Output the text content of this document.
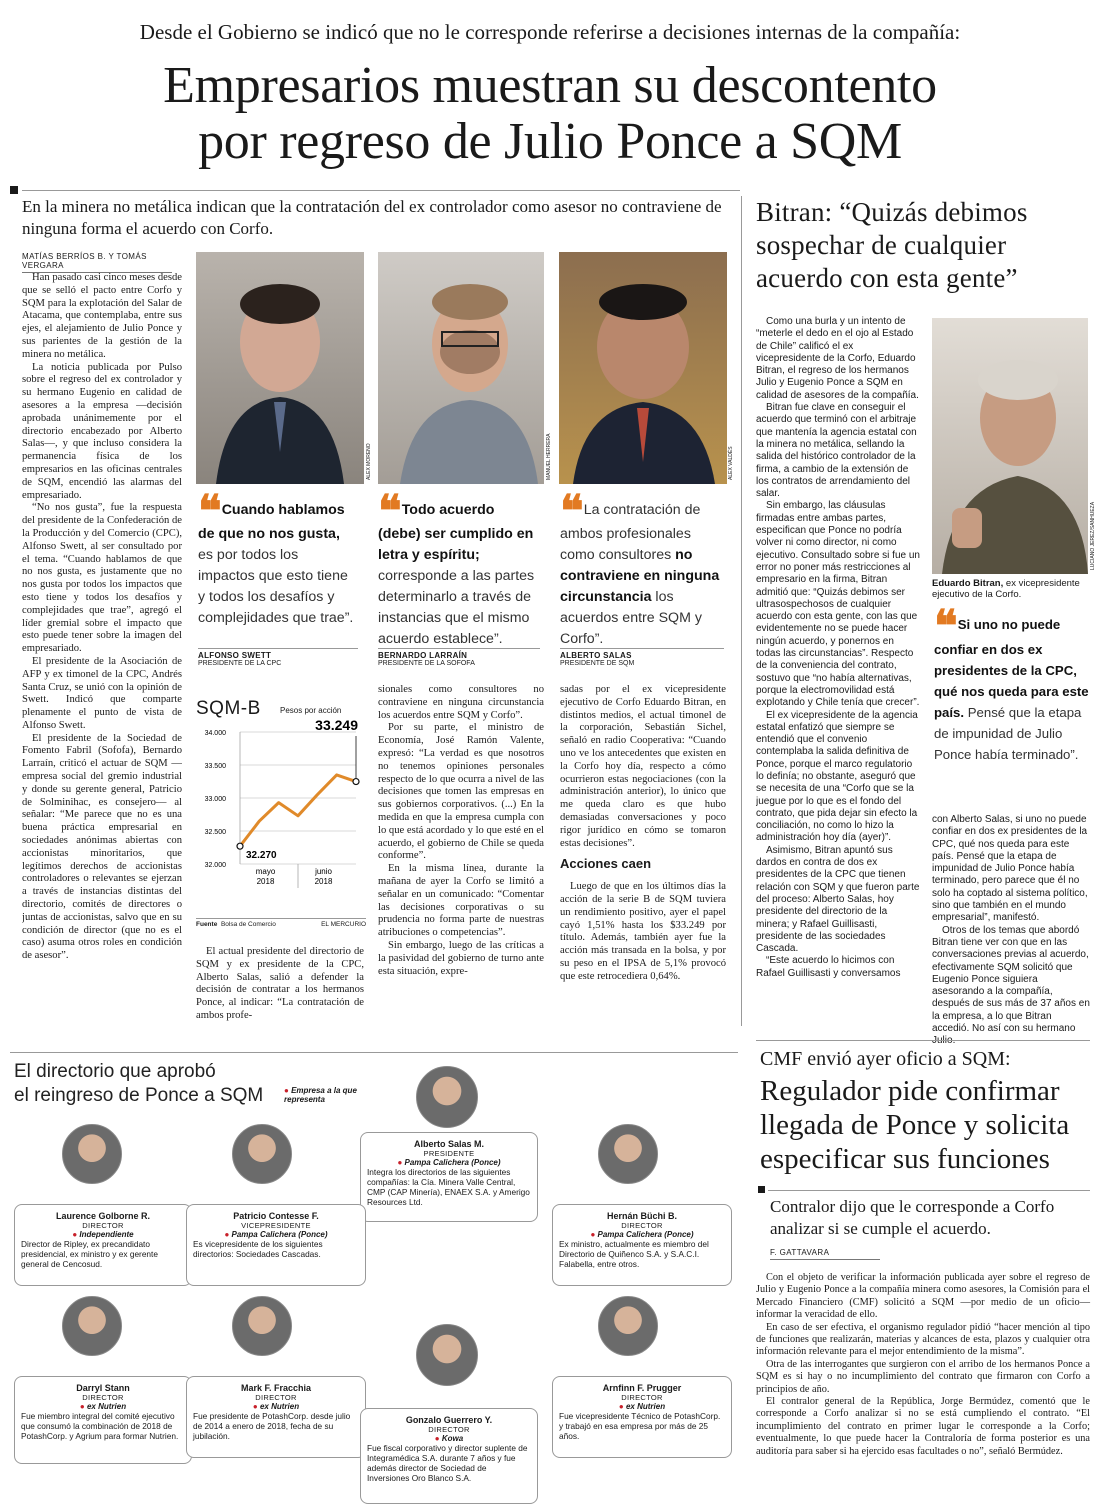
Desde el Gobierno se indicó que no le corresponde referirse a decisiones internas de la compañía:
Empresarios muestran su descontento
por regreso de Julio Ponce a SQM
En la minera no metálica indican que la contratación del ex controlador como asesor no contraviene de ninguna forma el acuerdo con Corfo.
MATÍAS BERRÍOS B. Y TOMÁS VERGARA

Han pasado casi cinco meses desde que se selló el pacto entre Corfo y SQM para la explotación del Salar de Atacama, que contemplaba, entre sus ejes, el alejamiento de Julio Ponce y sus parientes de la gestión de la minera no metálica.

La noticia publicada por Pulso sobre el regreso del ex controlador y su hermano Eugenio en calidad de asesores a la empresa —decisión aprobada unánimemente por el directorio encabezado por Alberto Salas—, y que incluso considera la permanencia física de los empresarios en las oficinas centrales de SQM, encendió las alarmas del empresariado.

“No nos gusta”, fue la respuesta del presidente de la Confederación de la Producción y del Comercio (CPC), Alfonso Swett, al ser consultado por el tema. “Cuando hablamos de que no nos gusta, es justamente que no nos gusta por todos los impactos que esto tiene y todos los desafíos y complejidades que trae”, agregó el líder gremial sobre el impacto que esto puede tener sobre la imagen del empresariado.

El presidente de la Asociación de AFP y ex timonel de la CPC, Andrés Santa Cruz, se unió con la opinión de Swett. Indicó que comparte plenamente el punto de vista de Alfonso Swett.

El presidente de la Sociedad de Fomento Fabril (Sofofa), Bernardo Larraín, criticó el actuar de SQM —empresa social del gremio industrial y donde su gerente general, Patricio de Solminihac, es consejero— al señalar: “Me parece que no es una buena práctica empresarial en sociedades anónimas abiertas con accionistas minoritarios, que legítimos derechos de accionistas controladores o relevantes se ejerzan a través de instancias distintas del directorio, comités de directores o juntas de accionistas, salvo que en su condición de director (que no es el caso) asuma otros roles en condición de asesor”.

ALEX MORENO	MANUEL HERRERA	ALEX VALDÉS
❝ Cuando hablamos de que no nos gusta, es por todos los impactos que esto tiene y todos los desafíos y complejidades que trae”.
ALFONSO SWETT
PRESIDENTE DE LA CPC
❝ Todo acuerdo (debe) ser cumplido en letra y espíritu; corresponde a las partes determinarlo a través de instancias que el mismo acuerdo establece”.
BERNARDO LARRAÍN
PRESIDENTE DE LA SOFOFA
❝ La contratación de ambos profesionales como consultores no contraviene en ninguna circunstancia los acuerdos entre SQM y Corfo”.
ALBERTO SALAS
PRESIDENTE DE SQM
SQM-B Pesos por acción
34.000
33.500
33.000
32.500
32.000
mayo
2018
junio
2018
32.270
33.249
Fuente Bolsa de Comercio	EL MERCURIO

El actual presidente del directorio de SQM y ex presidente de la CPC, Alberto Salas, salió a defender la decisión de contratar a los hermanos Ponce, al indicar: “La contratación de ambos profe-

sionales como consultores no contraviene en ninguna circunstancia los acuerdos entre SQM y Corfo”.

Por su parte, el ministro de Economía, José Ramón Valente, expresó: “La verdad es que nosotros no tenemos opiniones personales respecto de lo que ocurra a nivel de las decisiones que tomen las empresas en sus gobiernos corporativos. (...) En la medida en que la empresa cumpla con lo que está acordado y lo que esté en el acuerdo, el gobierno de Chile se queda conforme”.

En la misma línea, durante la mañana de ayer la Corfo se limitó a señalar en un comunicado: “Comentar las decisiones corporativas o su prudencia no forma parte de nuestras atribuciones o competencias”.

Sin embargo, luego de las críticas a la pasividad del gobierno de turno ante esta situación, expre-

sadas por el ex vicepresidente ejecutivo de Corfo Eduardo Bitran, en distintos medios, el actual timonel de la corporación, Sebastián Sichel, señaló en radio Cooperativa: “Cuando uno ve los antecedentes que existen en la Corfo hoy día, respecto a cómo ocurrieron estas negociaciones (con la administración anterior), lo único que me queda claro es que hubo demasiadas conversaciones y poco rigor jurídico en cómo se tomaron estas decisiones”.

Acciones caen

Luego de que en los últimos días la acción de la serie B de SQM tuviera un rendimiento positivo, ayer el papel cayó 1,51% hasta los $33.249 por título. Además, también ayer fue la acción más transada en la bolsa, y por su peso en el IPSA de 5,1% provocó que este retrocediera 0,64%.

Bitran: “Quizás debimos sospechar de cualquier acuerdo con esta gente”

Como una burla y un intento de “meterle el dedo en el ojo al Estado de Chile” calificó el ex vicepresidente de la Corfo, Eduardo Bitran, el regreso de los hermanos Julio y Eugenio Ponce a SQM en calidad de asesores de la compañía.

Bitran fue clave en conseguir el acuerdo que terminó con el arbitraje que mantenía la agencia estatal con la minera no metálica, sellando la salida del histórico controlador de la firma, a cambio de la extensión de los contratos de arrendamiento del salar.

Sin embargo, las cláusulas firmadas entre ambas partes, especifican que Ponce no podría volver ni como director, ni como ejecutivo. Consultado sobre si fue un error no poner más restricciones al empresario en la firma, Bitran admitió que: “Quizás debimos ser ultrasospechosos de cualquier acuerdo con esta gente, con las que evidentemente no se puede hacer ningún acuerdo, y ponernos en todas las circunstancias”. Respecto de la conveniencia del contrato, sostuvo que “no había alternativas, porque la electromovilidad está explotando y Chile tenía que crecer”.

El ex vicepresidente de la agencia estatal enfatizó que siempre se entendió que el convenio contemplaba la salida definitiva de Ponce, porque el marco regulatorio lo definía; no obstante, aseguró que se necesita de una “Corfo que se la juegue por lo que es el fondo del contrato, que pida dejar sin efecto la conciliación, no como lo hizo la administración hoy día (ayer)”.

Asimismo, Bitran apuntó sus dardos en contra de dos ex presidentes de la CPC que tienen relación con SQM y que fueron parte del proceso: Alberto Salas, hoy presidente del directorio de la minera; y Rafael Guillisasti, presidente de las sociedades Cascada.

“Este acuerdo lo hicimos con Rafael Guillisasti y conversamos

LUCIANO JEREZ/SANHUEZA
Eduardo Bitran, ex vicepresidente ejecutivo de la Corfo.
❝ Si uno no puede confiar en dos ex presidentes de la CPC, qué nos queda para este país. Pensé que la etapa de impunidad de Julio Ponce había terminado”.

con Alberto Salas, si uno no puede confiar en dos ex presidentes de la CPC, qué nos queda para este país. Pensé que la etapa de impunidad de Julio Ponce había terminado, pero parece que él no solo ha coptado al sistema político, sino que también en el mundo empresarial”, manifestó.

Otros de los temas que abordó Bitran tiene ver con que en las conversaciones previas al acuerdo, efectivamente SQM solicitó que Eugenio Ponce siguiera asesorando a la compañía, después de sus más de 37 años en la empresa, a lo que Bitran accedió. No así con su hermano

El directorio que aprobó
el reingreso de Ponce a SQM	● Empresa a la que representa
Alberto Salas M.
PRESIDENTE
● Pampa Calichera (Ponce)
Integra los directorios de las siguientes compañías: la Cía. Minera Valle Central, CMP (CAP Minería), ENAEX S.A. y Amerigo Resources Ltd.
Laurence Golborne R.
DIRECTOR
● Independiente
Director de Ripley, ex precandidato presidencial, ex ministro y ex gerente general de Cencosud.
Patricio Contesse F.
VICEPRESIDENTE
● Pampa Calichera (Ponce)
Es vicepresidente de los siguientes directorios: Sociedades Cascadas.
Hernán Büchi B.
DIRECTOR
● Pampa Calichera (Ponce)
Ex ministro, actualmente es miembro del Directorio de Quiñenco S.A. y S.A.C.I. Falabella, entre otros.
Darryl Stann
DIRECTOR
● ex Nutrien
Fue miembro integral del comité ejecutivo que consumó la combinación de 2018 de PotashCorp. y Agrium para formar Nutrien.
Mark F. Fracchia
DIRECTOR
● ex Nutrien
Fue presidente de PotashCorp. desde julio de 2014 a enero de 2018, fecha de su jubilación.
Gonzalo Guerrero Y.
DIRECTOR
● Kowa
Fue fiscal corporativo y director suplente de Integramédica S.A. durante 7 años y fue además director de Sociedad de Inversiones Oro Blanco S.A.
Arnfinn F. Prugger
DIRECTOR
● ex Nutrien
Fue vicepresidente Técnico de PotashCorp. y trabajó en esa empresa por más de 25 años.
CMF envió ayer oficio a SQM:
Regulador pide confirmar llegada de Ponce y solicita especificar sus funciones
Contralor dijo que le corresponde a Corfo analizar si se cumple el acuerdo.
F. GATTAVARA

Con el objeto de verificar la información publicada ayer sobre el regreso de Julio y Eugenio Ponce a la compañía minera como asesores, la Comisión para el Mercado Financiero (CMF) solicitó a SQM —por medio de un oficio— informar la veracidad de ello.

En caso de ser efectiva, el organismo regulador pidió “hacer mención al tipo de funciones que realizarán, materias y alcances de esta, plazos y cualquier otra información relevante para el mejor entendimiento de la misma”.

Otra de las interrogantes que surgieron con el arribo de los hermanos Ponce a SQM es si hay o no incumplimiento del contrato que firmaron con Corfo a principios de año.

El contralor general de la República, Jorge Bermúdez, comentó que le corresponde a Corfo analizar si no se está cumpliendo el contrato. “El incumplimiento del contrato en primer lugar le corresponde a la Corfo; eventualmente, lo que puede hacer la Contraloría de forma posterior es una auditoría para saber si ha ejercido esas facultades o no”, señaló Bermúdez.
